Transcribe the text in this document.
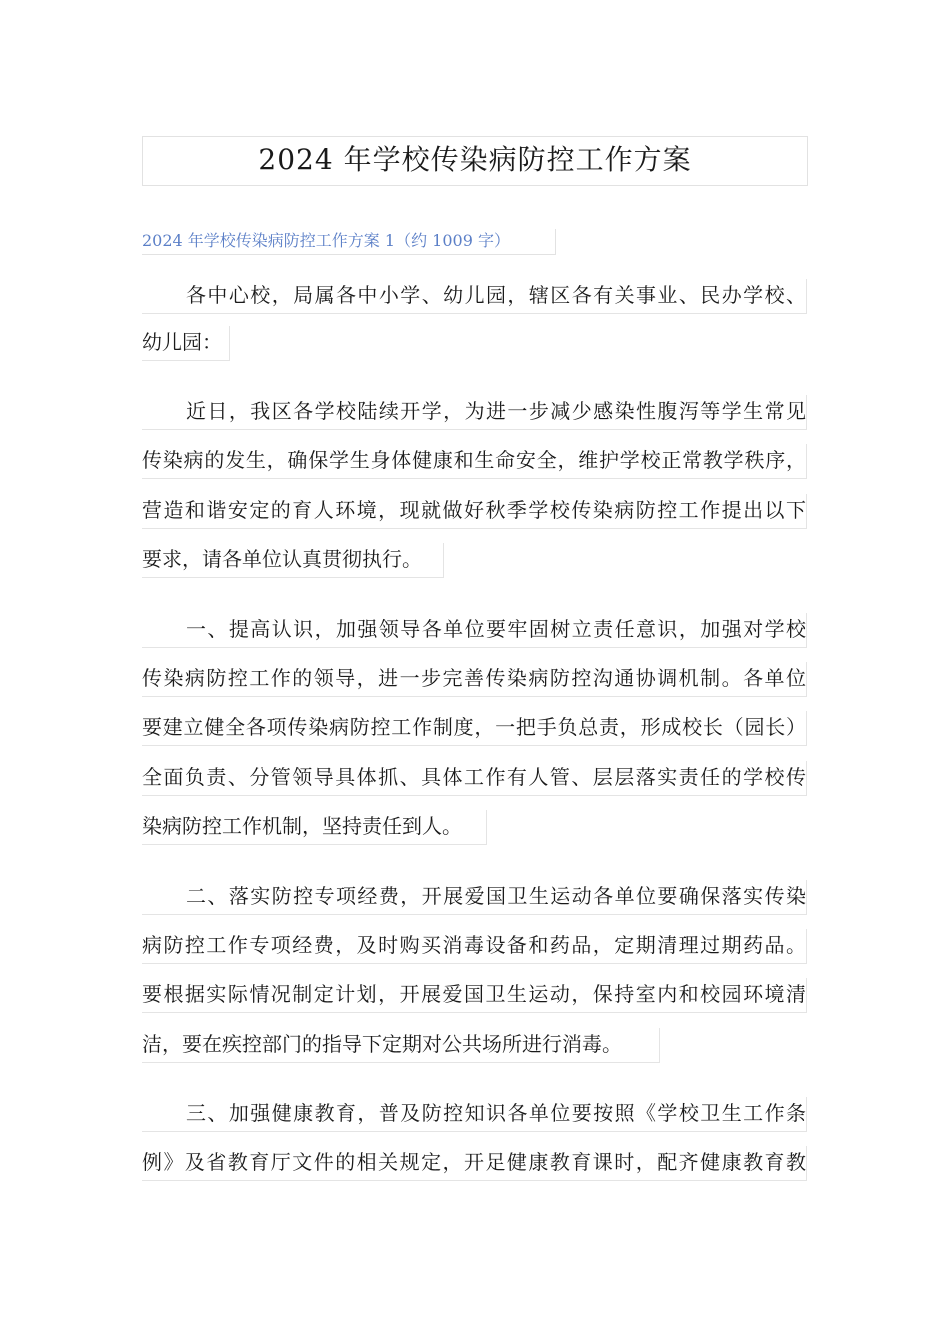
2024 年学校传染病防控工作方案
2024 年学校传染病防控工作方案 1（约 1009 字）
各中心校，局属各中小学、幼儿园，辖区各有关事业、民办学校、
幼儿园：
近日，我区各学校陆续开学，为进一步减少感染性腹泻等学生常见
传染病的发生，确保学生身体健康和生命安全，维护学校正常教学秩序，
营造和谐安定的育人环境，现就做好秋季学校传染病防控工作提出以下
要求，请各单位认真贯彻执行。
一、提高认识，加强领导各单位要牢固树立责任意识，加强对学校
传染病防控工作的领导，进一步完善传染病防控沟通协调机制。各单位
要建立健全各项传染病防控工作制度，一把手负总责，形成校长（园长）
全面负责、分管领导具体抓、具体工作有人管、层层落实责任的学校传
染病防控工作机制，坚持责任到人。
二、落实防控专项经费，开展爱国卫生运动各单位要确保落实传染
病防控工作专项经费，及时购买消毒设备和药品，定期清理过期药品。
要根据实际情况制定计划，开展爱国卫生运动，保持室内和校园环境清
洁，要在疾控部门的指导下定期对公共场所进行消毒。
三、加强健康教育，普及防控知识各单位要按照《学校卫生工作条
例》及省教育厅文件的相关规定，开足健康教育课时，配齐健康教育教
